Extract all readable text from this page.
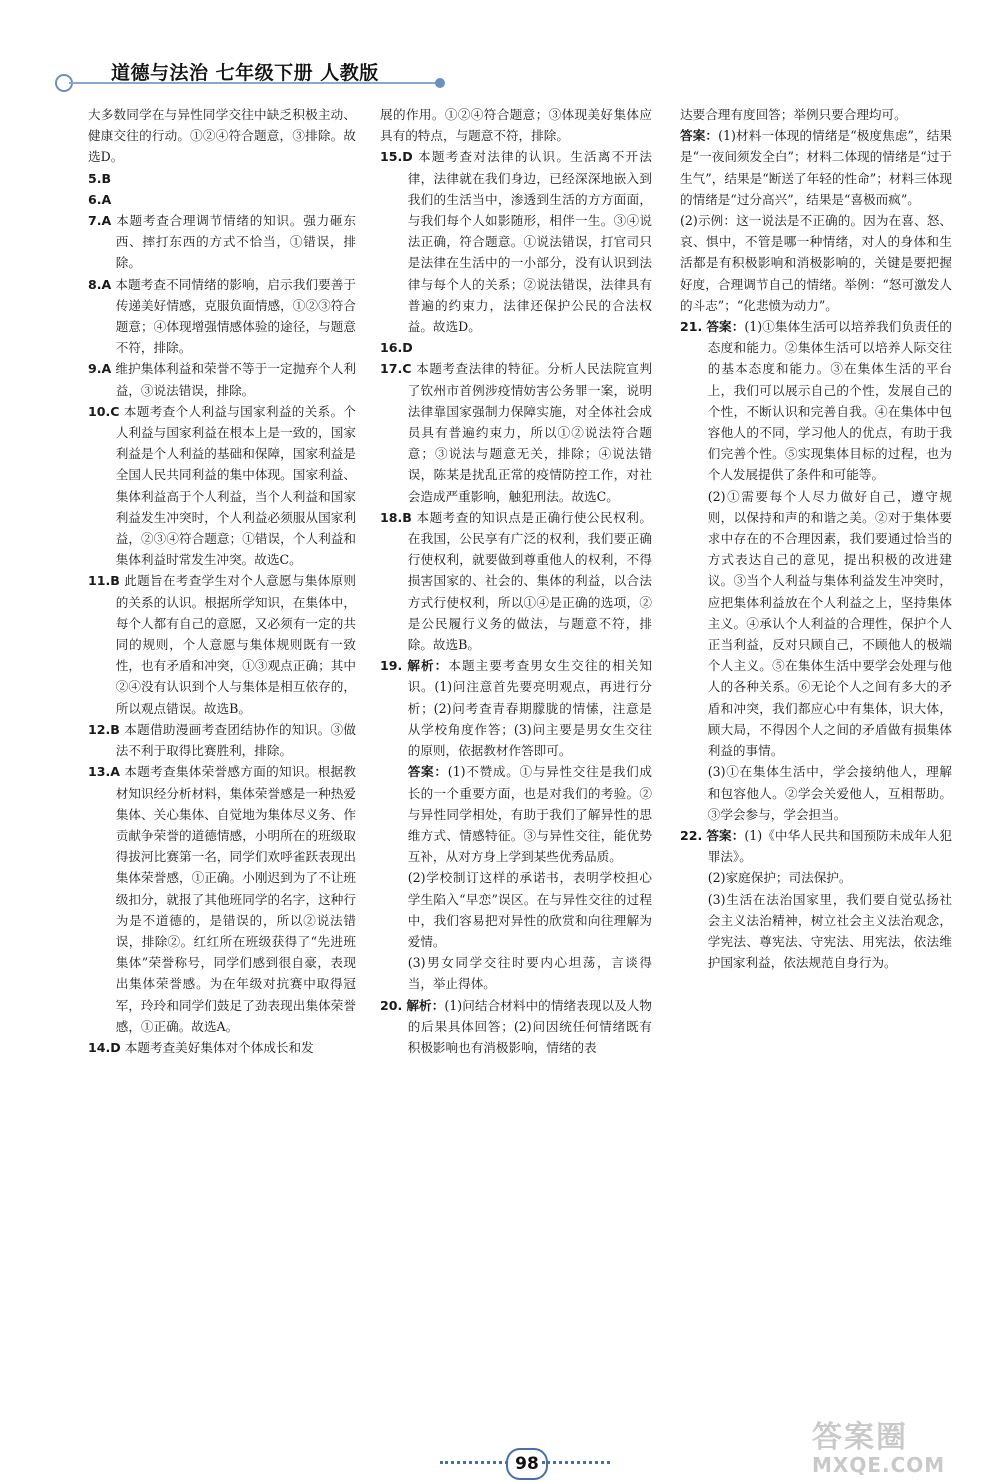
道德与法治 七年级下册 人教版

大多数同学在与异性同学交往中缺乏积极主动、健康交往的行动。①②④符合题意，③排除。故选D。

5.B

6.A

7.A 本题考查合理调节情绪的知识。强力砸东西、摔打东西的方式不恰当，①错误，排除。

8.A 本题考查不同情绪的影响，启示我们要善于传递美好情感，克服负面情感，①②③符合题意；④体现增强情感体验的途径，与题意不符，排除。

9.A 维护集体利益和荣誉不等于一定抛弃个人利益，③说法错误，排除。

10.C 本题考查个人利益与国家利益的关系。个人利益与国家利益在根本上是一致的，国家利益是个人利益的基础和保障，国家利益是全国人民共同利益的集中体现。国家利益、集体利益高于个人利益，当个人利益和国家利益发生冲突时，个人利益必须服从国家利益，②③④符合题意；①错误，个人利益和集体利益时常发生冲突。故选C。

11.B 此题旨在考查学生对个人意愿与集体原则的关系的认识。根据所学知识，在集体中，每个人都有自己的意愿，又必须有一定的共同的规则，个人意愿与集体规则既有一致性，也有矛盾和冲突，①③观点正确；其中②④没有认识到个人与集体是相互依存的，所以观点错误。故选B。

12.B 本题借助漫画考查团结协作的知识。③做法不利于取得比赛胜利，排除。

13.A 本题考查集体荣誉感方面的知识。根据教材知识经分析材料，集体荣誉感是一种热爱集体、关心集体、自觉地为集体尽义务、作贡献争荣誉的道德情感，小明所在的班级取得拔河比赛第一名，同学们欢呼雀跃表现出集体荣誉感，①正确。小刚迟到为了不让班级扣分，就报了其他班同学的名字，这种行为是不道德的，是错误的，所以②说法错误，排除②。红红所在班级获得了“先进班集体”荣誉称号，同学们感到很自豪，表现出集体荣誉感。为在年级对抗赛中取得冠军，玲玲和同学们鼓足了劲表现出集体荣誉感，①正确。故选A。

14.D 本题考查美好集体对个体成长和发

展的作用。①②④符合题意；③体现美好集体应具有的特点，与题意不符，排除。

15.D 本题考查对法律的认识。生活离不开法律，法律就在我们身边，已经深深地嵌入到我们的生活当中，渗透到生活的方方面面，与我们每个人如影随形，相伴一生。③④说法正确，符合题意。①说法错误，打官司只是法律在生活中的一小部分，没有认识到法律与每个人的关系；②说法错误，法律具有普遍的约束力，法律还保护公民的合法权益。故选D。

16.D

17.C 本题考查法律的特征。分析人民法院宣判了钦州市首例涉疫情妨害公务罪一案，说明法律靠国家强制力保障实施，对全体社会成员具有普遍约束力，所以①②说法符合题意；③说法与题意无关，排除；④说法错误，陈某是扰乱正常的疫情防控工作，对社会造成严重影响，触犯刑法。故选C。

18.B 本题考查的知识点是正确行使公民权利。在我国，公民享有广泛的权利，我们要正确行使权利，就要做到尊重他人的权利，不得损害国家的、社会的、集体的利益，以合法方式行使权利，所以①④是正确的选项，②是公民履行义务的做法，与题意不符，排除。故选B。

19. 解析：本题主要考查男女生交往的相关知识。(1)问注意首先要亮明观点，再进行分析；(2)问考查青春期朦胧的情愫，注意是从学校角度作答；(3)问主要是男女生交往的原则，依据教材作答即可。

答案：(1)不赞成。①与异性交往是我们成长的一个重要方面，也是对我们的考验。②与异性同学相处，有助于我们了解异性的思维方式、情感特征。③与异性交往，能优势互补，从对方身上学到某些优秀品质。

(2)学校制订这样的承诺书，表明学校担心学生陷入“早恋”误区。在与异性交往的过程中，我们容易把对异性的欣赏和向往理解为爱情。

(3)男女同学交往时要内心坦荡，言谈得当，举止得体。

20. 解析：(1)问结合材料中的情绪表现以及人物的后果具体回答；(2)问因统任何情绪既有积极影响也有消极影响，情绪的表

达要合理有度回答；举例只要合理均可。

答案：(1)材料一体现的情绪是“极度焦虑”，结果是“一夜间须发全白”；材料二体现的情绪是“过于生气”，结果是“断送了年轻的性命”；材料三体现的情绪是“过分高兴”，结果是“喜极而疯”。

(2)示例：这一说法是不正确的。因为在喜、怒、哀、惧中，不管是哪一种情绪，对人的身体和生活都是有积极影响和消极影响的，关键是要把握好度，合理调节自己的情绪。举例：“怒可激发人的斗志”；“化悲愤为动力”。

21. 答案：(1)①集体生活可以培养我们负责任的态度和能力。②集体生活可以培养人际交往的基本态度和能力。③在集体生活的平台上，我们可以展示自己的个性，发展自己的个性，不断认识和完善自我。④在集体中包容他人的不同，学习他人的优点，有助于我们完善个性。⑤实现集体目标的过程，也为个人发展提供了条件和可能等。

(2)①需要每个人尽力做好自己，遵守规则，以保持和声的和谐之美。②对于集体要求中存在的不合理因素，我们要通过恰当的方式表达自己的意见，提出积极的改进建议。③当个人利益与集体利益发生冲突时，应把集体利益放在个人利益之上，坚持集体主义。④承认个人利益的合理性，保护个人正当利益，反对只顾自己，不顾他人的极端个人主义。⑤在集体生活中要学会处理与他人的各种关系。⑥无论个人之间有多大的矛盾和冲突，我们都应心中有集体，识大体，顾大局，不得因个人之间的矛盾做有损集体利益的事情。

(3)①在集体生活中，学会接纳他人，理解和包容他人。②学会关爱他人，互相帮助。③学会参与，学会担当。

22. 答案：(1)《中华人民共和国预防未成年人犯罪法》。

(2)家庭保护；司法保护。

(3)生活在法治国家里，我们要自觉弘扬社会主义法治精神，树立社会主义法治观念，学宪法、尊宪法、守宪法、用宪法，依法维护国家利益，依法规范自身行为。

98
答案圈
MXQE.COM
